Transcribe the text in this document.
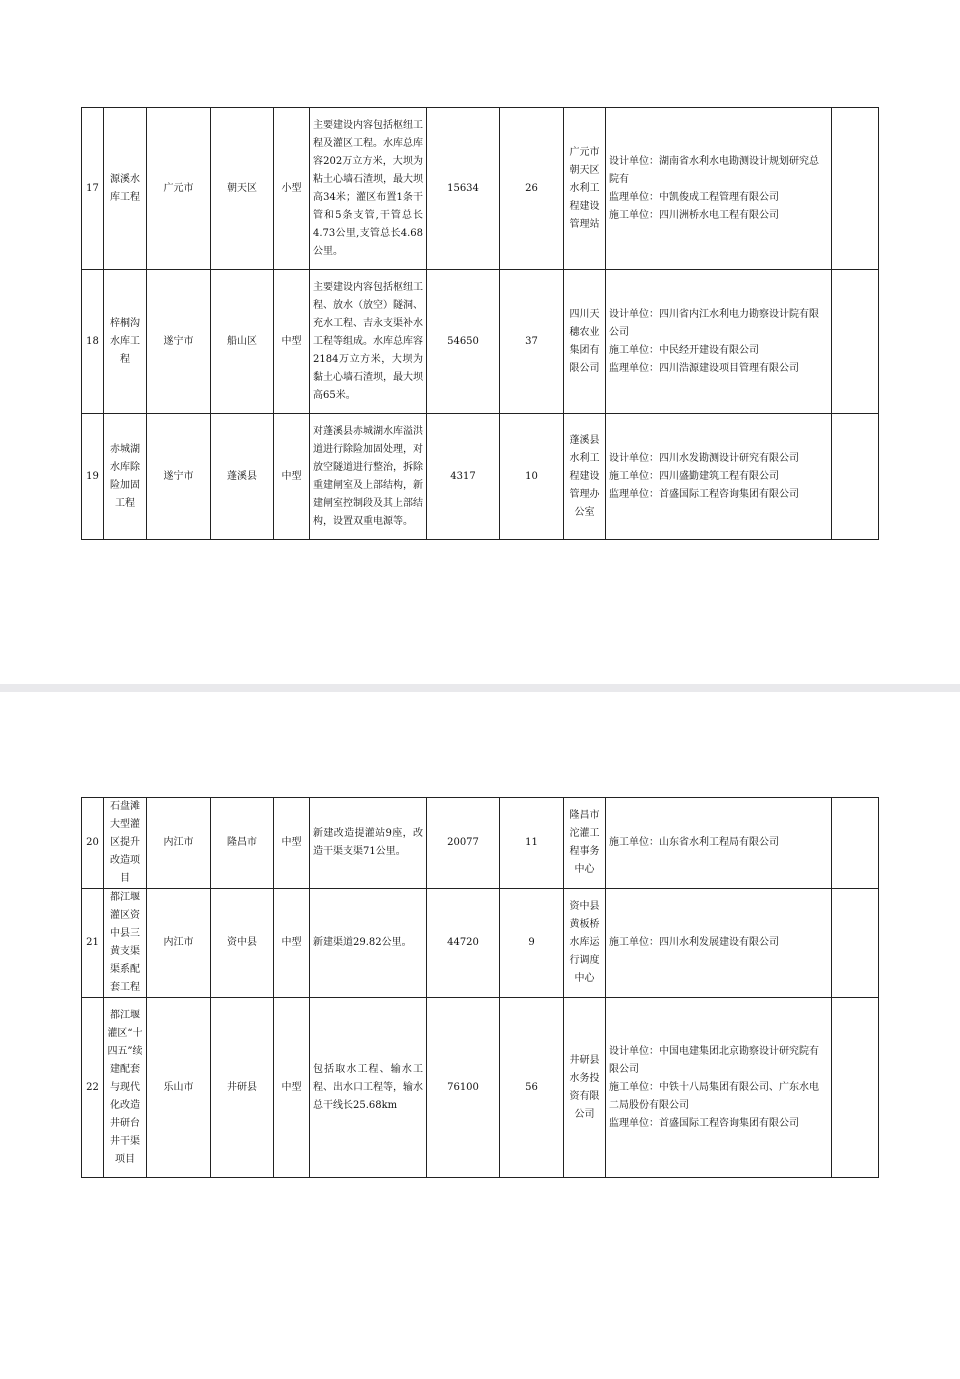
17	源溪水库工程	广元市	朝天区	小型	主要建设内容包括枢纽工程及灌区工程。水库总库容202万立方米，大坝为粘土心墙石渣坝，最大坝高34米；灌区布置1条干管和5条支管,干管总长4.73公里,支管总长4.68公里。	15634	26	广元市朝天区水利工程建设管理站	设计单位：湖南省水利水电勘测设计规划研究总院有
监理单位：中凯俊成工程管理有限公司
施工单位：四川洲桥水电工程有限公司	

18	梓桐沟水库工程	遂宁市	船山区	中型	主要建设内容包括枢纽工程、放水（放空）隧洞、充水工程、吉永支渠补水工程等组成。水库总库容2184万立方米，大坝为黏土心墙石渣坝，最大坝高65米。	54650	37	四川天穗农业集团有限公司	设计单位：四川省内江水利电力勘察设计院有限公司
施工单位：中民经开建设有限公司
监理单位：四川浩源建设项目管理有限公司	

19	赤城湖水库除险加固工程	遂宁市	蓬溪县	中型	对蓬溪县赤城湖水库溢洪道进行除险加固处理，对放空隧道进行整治，拆除重建闸室及上部结构，新建闸室控制段及其上部结构，设置双重电源等。	4317	10	蓬溪县水利工程建设管理办公室	设计单位：四川水发勘测设计研究有限公司
施工单位：四川盛勤建筑工程有限公司
监理单位：首盛国际工程咨询集团有限公司	

20	石盘滩大型灌区提升改造项目	内江市	隆昌市	中型	新建改造提灌站9座，改造干渠支渠71公里。	20077	11	隆昌市沱灌工程事务中心	施工单位：山东省水利工程局有限公司	

21	都江堰灌区资中县三黄支渠渠系配套工程	内江市	资中县	中型	新建渠道29.82公里。	44720	9	资中县黄板桥水库运行调度中心	施工单位：四川水利发展建设有限公司	

22	都江堰灌区“十四五”续建配套与现代化改造井研台井干渠项目	乐山市	井研县	中型	包括取水工程、输水工程、出水口工程等，输水总干线长25.68km	76100	56	井研县水务投资有限公司	设计单位：中国电建集团北京勘察设计研究院有限公司
施工单位：中铁十八局集团有限公司、广东水电二局股份有限公司
监理单位：首盛国际工程咨询集团有限公司	
